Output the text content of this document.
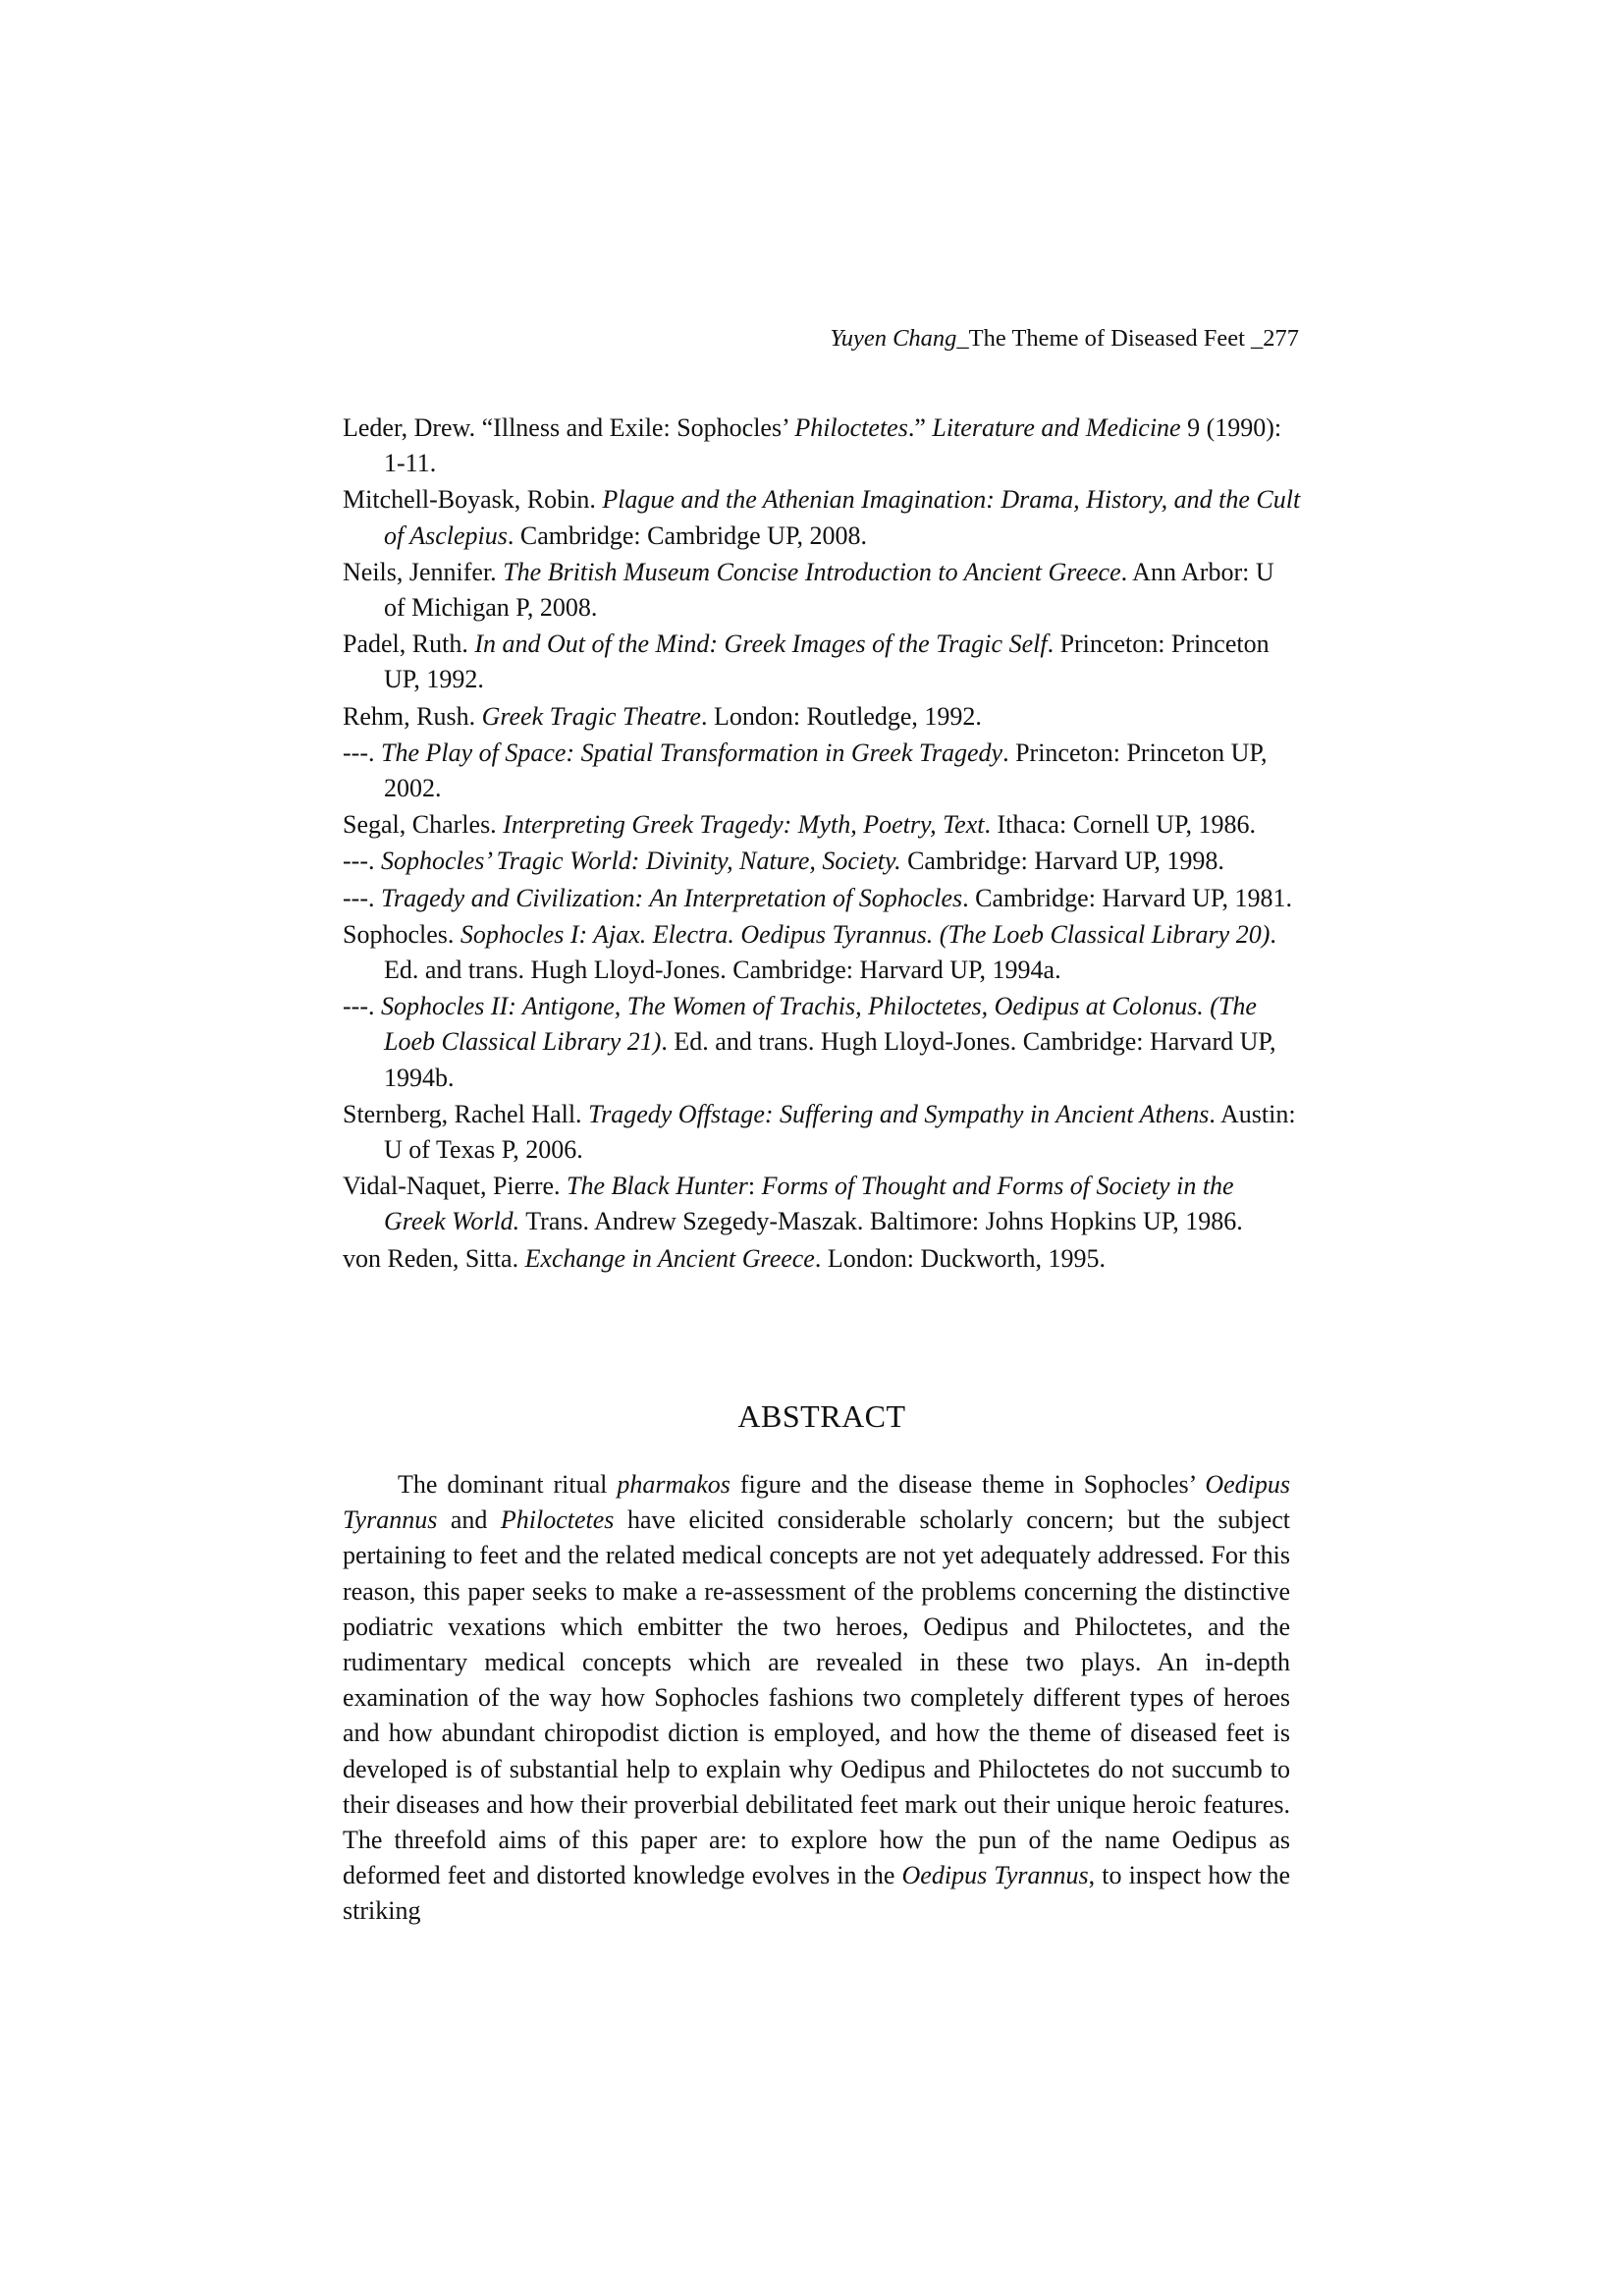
Yuyen Chang_The Theme of Diseased Feet _277
Leder, Drew. “Illness and Exile: Sophocles’ Philoctetes.” Literature and Medicine 9 (1990): 1-11.
Mitchell-Boyask, Robin. Plague and the Athenian Imagination: Drama, History, and the Cult of Asclepius. Cambridge: Cambridge UP, 2008.
Neils, Jennifer. The British Museum Concise Introduction to Ancient Greece. Ann Arbor: U of Michigan P, 2008.
Padel, Ruth. In and Out of the Mind: Greek Images of the Tragic Self. Princeton: Princeton UP, 1992.
Rehm, Rush. Greek Tragic Theatre. London: Routledge, 1992.
---. The Play of Space: Spatial Transformation in Greek Tragedy. Princeton: Princeton UP, 2002.
Segal, Charles. Interpreting Greek Tragedy: Myth, Poetry, Text. Ithaca: Cornell UP, 1986.
---. Sophocles’ Tragic World: Divinity, Nature, Society. Cambridge: Harvard UP, 1998.
---. Tragedy and Civilization: An Interpretation of Sophocles. Cambridge: Harvard UP, 1981.
Sophocles. Sophocles I: Ajax. Electra. Oedipus Tyrannus. (The Loeb Classical Library 20). Ed. and trans. Hugh Lloyd-Jones. Cambridge: Harvard UP, 1994a.
---. Sophocles II: Antigone, The Women of Trachis, Philoctetes, Oedipus at Colonus. (The Loeb Classical Library 21). Ed. and trans. Hugh Lloyd-Jones. Cambridge: Harvard UP, 1994b.
Sternberg, Rachel Hall. Tragedy Offstage: Suffering and Sympathy in Ancient Athens. Austin: U of Texas P, 2006.
Vidal-Naquet, Pierre. The Black Hunter: Forms of Thought and Forms of Society in the Greek World. Trans. Andrew Szegedy-Maszak. Baltimore: Johns Hopkins UP, 1986.
von Reden, Sitta. Exchange in Ancient Greece. London: Duckworth, 1995.
ABSTRACT

The dominant ritual pharmakos figure and the disease theme in Sophocles’ Oedipus Tyrannus and Philoctetes have elicited considerable scholarly concern; but the subject pertaining to feet and the related medical concepts are not yet adequately addressed. For this reason, this paper seeks to make a re-assessment of the problems concerning the distinctive podiatric vexations which embitter the two heroes, Oedipus and Philoctetes, and the rudimentary medical concepts which are revealed in these two plays. An in-depth examination of the way how Sophocles fashions two completely different types of heroes and how abundant chiropodist diction is employed, and how the theme of diseased feet is developed is of substantial help to explain why Oedipus and Philoctetes do not succumb to their diseases and how their proverbial debilitated feet mark out their unique heroic features. The threefold aims of this paper are: to explore how the pun of the name Oedipus as deformed feet and distorted knowledge evolves in the Oedipus Tyrannus, to inspect how the striking
